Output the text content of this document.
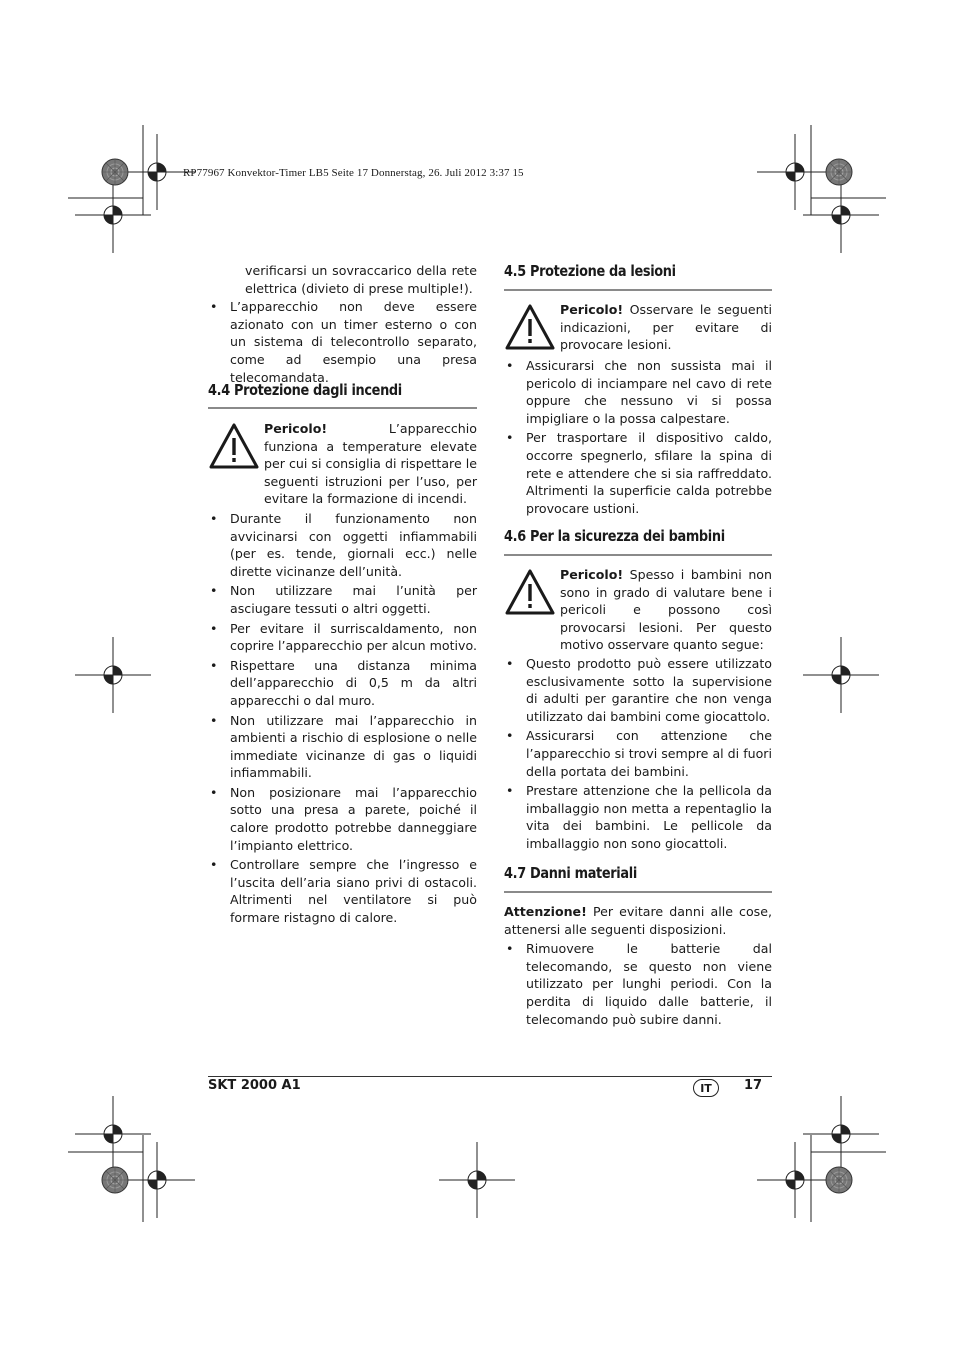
RP77967 Konvektor-Timer LB5 Seite 17 Donnerstag, 26. Juli 2012 3:37 15

verificarsi un sovraccarico della rete elettrica (divieto di prese multiple!).

• L’apparecchio non deve essere azionato con un timer esterno o con un sistema di telecontrollo separato, come ad esempio una presa telecomandata.
4.4 Protezione dagli incendi

Pericolo! L’apparecchio funziona a temperature elevate per cui si consiglia di rispettare le seguenti istruzioni per l’uso, per evitare la formazione di incendi.

• Durante il funzionamento non avvicinarsi con oggetti infiammabili (per es. tende, giornali ecc.) nelle dirette vicinanze dell’unità.
• Non utilizzare mai l’unità per asciugare tessuti o altri oggetti.
• Per evitare il surriscaldamento, non coprire l’apparecchio per alcun motivo.
• Rispettare una distanza minima dell’apparecchio di 0,5 m da altri apparecchi o dal muro.
• Non utilizzare mai l’apparecchio in ambienti a rischio di esplosione o nelle immediate vicinanze di gas o liquidi infiammabili.
• Non posizionare mai l’apparecchio sotto una presa a parete, poiché il calore prodotto potrebbe danneggiare l’impianto elettrico.
• Controllare sempre che l’ingresso e l’uscita dell’aria siano privi di ostacoli. Altrimenti nel ventilatore si può formare ristagno di calore.
4.5 Protezione da lesioni

Pericolo! Osservare le seguenti indicazioni, per evitare di provocare lesioni.

• Assicurarsi che non sussista mai il pericolo di inciampare nel cavo di rete oppure che nessuno vi si possa impigliare o la possa calpestare.
• Per trasportare il dispositivo caldo, occorre spegnerlo, sfilare la spina di rete e attendere che si sia raffreddato. Altrimenti la superficie calda potrebbe provocare ustioni.
4.6 Per la sicurezza dei bambini

Pericolo! Spesso i bambini non sono in grado di valutare bene i pericoli e possono così provocarsi lesioni. Per questo motivo osservare quanto segue:

• Questo prodotto può essere utilizzato esclusivamente sotto la supervisione di adulti per garantire che non venga utilizzato dai bambini come giocattolo.
• Assicurarsi con attenzione che l’apparecchio si trovi sempre al di fuori della portata dei bambini.
• Prestare attenzione che la pellicola da imballaggio non metta a repentaglio la vita dei bambini. Le pellicole da imballaggio non sono giocattoli.
4.7 Danni materiali

Attenzione! Per evitare danni alle cose, attenersi alle seguenti disposizioni.

• Rimuovere le batterie dal telecomando, se questo non viene utilizzato per lunghi periodi. Con la perdita di liquido dalle batterie, il telecomando può subire danni.
SKT 2000 A1	IT	17
